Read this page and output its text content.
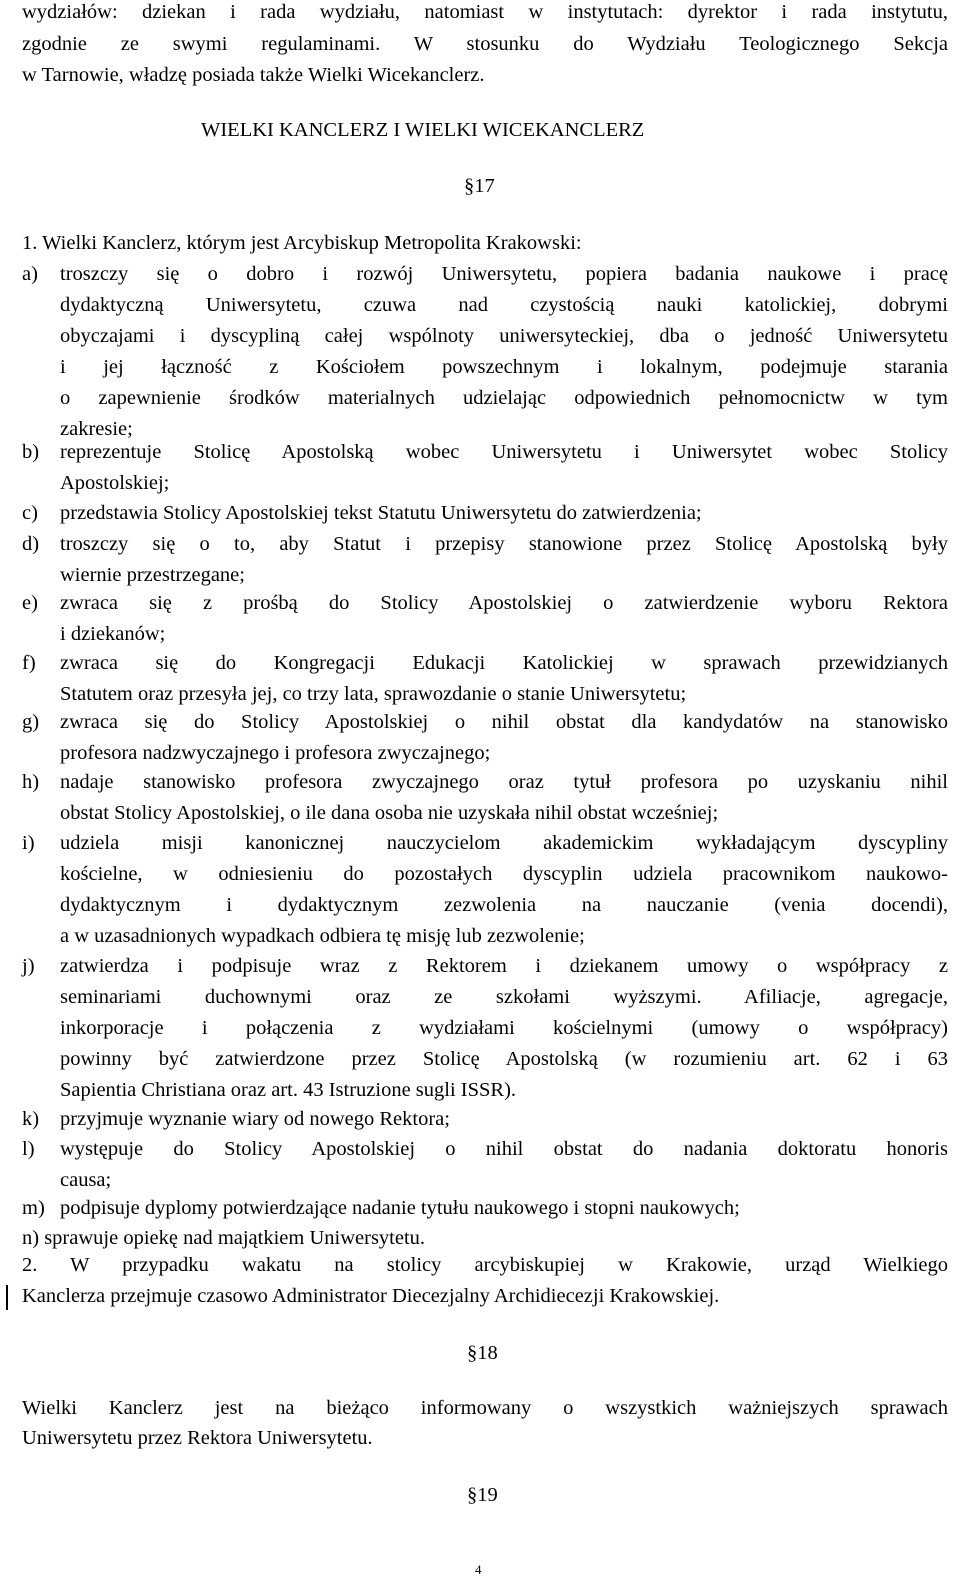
wydziałów: dziekan i rada wydziału, natomiast w instytutach: dyrektor i rada instytutu,
zgodnie ze swymi regulaminami. W stosunku do Wydziału Teologicznego Sekcja
w Tarnowie, władzę posiada także Wielki Wicekanclerz.
WIELKI KANCLERZ I WIELKI WICEKANCLERZ
§17
1. Wielki Kanclerz, którym jest Arcybiskup Metropolita Krakowski:
a) troszczy się o dobro i rozwój Uniwersytetu, popiera badania naukowe i pracę
dydaktyczną Uniwersytetu, czuwa nad czystością nauki katolickiej, dobrymi
obyczajami i dyscypliną całej wspólnoty uniwersyteckiej, dba o jedność Uniwersytetu
i jej łączność z Kościołem powszechnym i lokalnym, podejmuje starania
o zapewnienie środków materialnych udzielając odpowiednich pełnomocnictw w tym
zakresie;
b) reprezentuje Stolicę Apostolską wobec Uniwersytetu i Uniwersytet wobec Stolicy
Apostolskiej;
c) przedstawia Stolicy Apostolskiej tekst Statutu Uniwersytetu do zatwierdzenia;
d) troszczy się o to, aby Statut i przepisy stanowione przez Stolicę Apostolską były
wiernie przestrzegane;
e) zwraca się z prośbą do Stolicy Apostolskiej o zatwierdzenie wyboru Rektora
i dziekanów;
f) zwraca się do Kongregacji Edukacji Katolickiej w sprawach przewidzianych
Statutem oraz przesyła jej, co trzy lata, sprawozdanie o stanie Uniwersytetu;
g) zwraca się do Stolicy Apostolskiej o nihil obstat dla kandydatów na stanowisko
profesora nadzwyczajnego i profesora zwyczajnego;
h) nadaje stanowisko profesora zwyczajnego oraz tytuł profesora po uzyskaniu nihil
obstat Stolicy Apostolskiej, o ile dana osoba nie uzyskała nihil obstat wcześniej;
i) udziela misji kanonicznej nauczycielom akademickim wykładającym dyscypliny
kościelne, w odniesieniu do pozostałych dyscyplin udziela pracownikom naukowo-
dydaktycznym i dydaktycznym zezwolenia na nauczanie (venia docendi),
a w uzasadnionych wypadkach odbiera tę misję lub zezwolenie;
j) zatwierdza i podpisuje wraz z Rektorem i dziekanem umowy o współpracy z
seminariami duchownymi oraz ze szkołami wyższymi. Afiliacje, agregacje,
inkorporacje i połączenia z wydziałami kościelnymi (umowy o współpracy)
powinny być zatwierdzone przez Stolicę Apostolską (w rozumieniu art. 62 i 63
Sapientia Christiana oraz art. 43 Istruzione sugli ISSR).
k) przyjmuje wyznanie wiary od nowego Rektora;
l) występuje do Stolicy Apostolskiej o nihil obstat do nadania doktoratu honoris
causa;
m) podpisuje dyplomy potwierdzające nadanie tytułu naukowego i stopni naukowych;
n) sprawuje opiekę nad majątkiem Uniwersytetu.
2. W przypadku wakatu na stolicy arcybiskupiej w Krakowie, urząd Wielkiego
Kanclerza przejmuje czasowo Administrator Diecezjalny Archidiecezji Krakowskiej.
§18
Wielki Kanclerz jest na bieżąco informowany o wszystkich ważniejszych sprawach
Uniwersytetu przez Rektora Uniwersytetu.
§19
4
